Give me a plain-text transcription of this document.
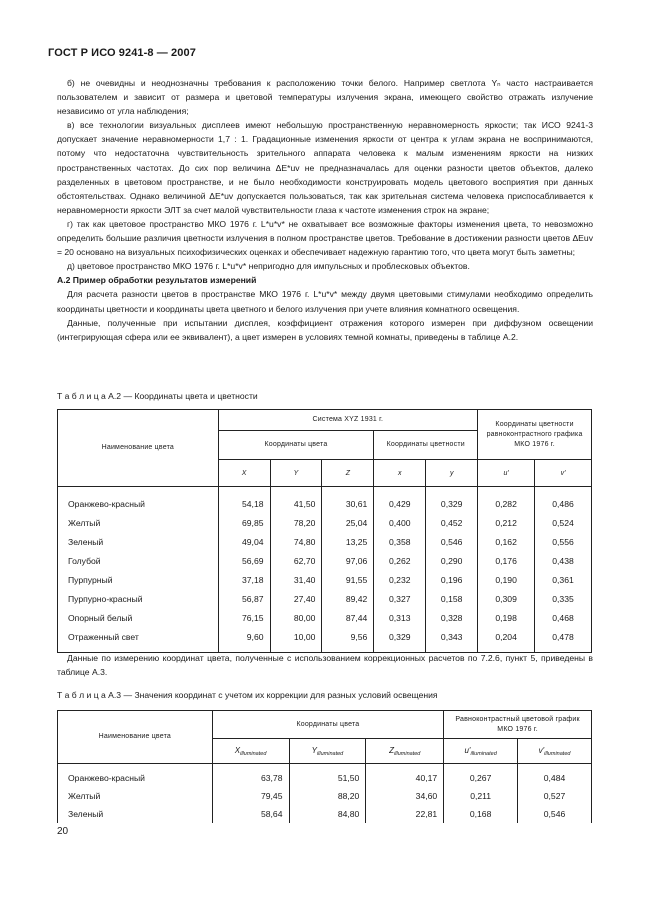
ГОСТ Р ИСО 9241-8 — 2007

б) не очевидны и неоднозначны требования к расположению точки белого. Например светлота Yₙ часто настраивается пользователем и зависит от размера и цветовой температуры излучения экрана, имеющего свойство отражать излучение независимо от угла наблюдения;

в) все технологии визуальных дисплеев имеют небольшую пространственную неравномерность яркости; так ИСО 9241-3 допускает значение неравномерности 1,7 : 1. Градационные изменения яркости от центра к углам экрана не воспринимаются, потому что недостаточна чувствительность зрительного аппарата человека к малым изменениям яркости на низких пространственных частотах. До сих пор величина ΔE*uv не предназначалась для оценки разности цветов объектов, далеко разделенных в цветовом пространстве, и не было необходимости конструировать модель цветового восприятия при данных обстоятельствах. Однако величиной ΔE*uv допускается пользоваться, так как зрительная система человека приспосабливается к неравномерности яркости ЭЛТ за счет малой чувствительности глаза к частоте изменения строк на экране;

г) так как цветовое пространство МКО 1976 г. L*u*v* не охватывает все возможные факторы изменения цвета, то невозможно определить большие различия цветности излучения в полном пространстве цветов. Требование в достижении разности цветов ΔEuv = 20 основано на визуальных психофизических оценках и обеспечивает надежную гарантию того, что цвета могут быть заметны;

д) цветовое пространство МКО 1976 г. L*u*v* непригодно для импульсных и проблесковых объектов.

А.2 Пример обработки результатов измерений

Для расчета разности цветов в пространстве МКО 1976 г. L*u*v* между двумя цветовыми стимулами необходимо определить координаты цветности и координаты цвета цветного и белого излучения при учете влияния комнатного освещения.

Данные, полученные при испытании дисплея, коэффициент отражения которого измерен при диффузном освещении (интегрирующая сфера или ее эквивалент), а цвет измерен в условиях темной комнаты, приведены в таблице А.2.

Т а б л и ц а А.2 — Координаты цвета и цветности
Наименование цвета	Система XYZ 1931 г.					Координаты цветности равноконтрастного графика МКО 1976 г.	
	Координаты цвета			Координаты цветности			
	X	Y	Z	x	y	u'	v'
Оранжево-красный	54,18	41,50	30,61	0,429	0,329	0,282	0,486
Желтый	69,85	78,20	25,04	0,400	0,452	0,212	0,524
Зеленый	49,04	74,80	13,25	0,358	0,546	0,162	0,556
Голубой	56,69	62,70	97,06	0,262	0,290	0,176	0,438
Пурпурный	37,18	31,40	91,55	0,232	0,196	0,190	0,361
Пурпурно-красный	56,87	27,40	89,42	0,327	0,158	0,309	0,335
Опорный белый	76,15	80,00	87,44	0,313	0,328	0,198	0,468
Отраженный свет	9,60	10,00	9,56	0,329	0,343	0,204	0,478

Данные по измерению координат цвета, полученные с использованием коррекционных расчетов по 7.2.6, пункт 5, приведены в таблице А.3.

Т а б л и ц а А.3 — Значения координат с учетом их коррекции для разных условий освещения
Наименование цвета	Координаты цвета			Равноконтрастный цветовой график МКО 1976 г.	
	$X_{illuminated}$	$Y_{illuminated}$	$Z_{illuminated}$	$u'_{illuminated}$	$v'_{illuminated}$
Оранжево-красный	63,78	51,50	40,17	0,267	0,484
Желтый	79,45	88,20	34,60	0,211	0,527
Зеленый	58,64	84,80	22,81	0,168	0,546
20
